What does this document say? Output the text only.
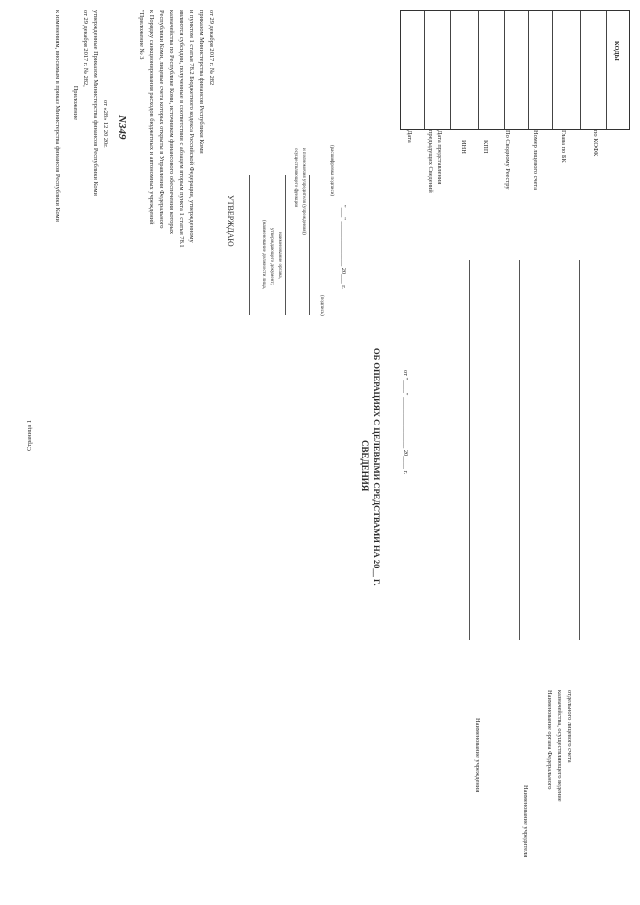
Страница 1
Приложение
к изменениям, вносимым в приказ Министерства финансов Республики Коми	от 29 декабря 2017 г. № 282, утвержденные Приказом Министерства финансов Республики Коми от «28» 12 20 20г. N349
"Приложение № 3 к Порядку санкционирования расходов бюджетных и автономных учреждений Республики Коми, лицевые счета которых открыты в Управлении Федерального казначейства по Республике Коми, источником финансового обеспечения которых являются субсидии, полученные в соответствии с абзацем вторым пункта 1 статьи 78.1 и пунктом 1 статьи 78.2 Бюджетного кодекса Российской Федерации, утвержденному приказом Министерства финансов Республики Коми от 29 декабря 2017 г. № 282
УТВЕРЖДАЮ	(наименование должности лица, утверждающего документ; наименование органа,
осуществляющего функции и полномочия учредителя (учреждения))
(подпись)
(расшифровка подписи)
"___" ______________ 20___ г.
СВЕДЕНИЯ ОБ ОПЕРАЦИЯХ С ЦЕЛЕВЫМИ СРЕДСТВАМИ НА 20__ Г.	от "____" ________________ 20____ г.
Наименование учреждения
Наименование учредителя
Наименование органа Федерального казначейства, осуществляющего ведение отдельного лицевого счета
Дата	Дата представления предыдущих Сведений	ИНН КПП По Сводному Реестру	Номер лицевого счета	Глава по БК	по КОФК
КОДЫ
